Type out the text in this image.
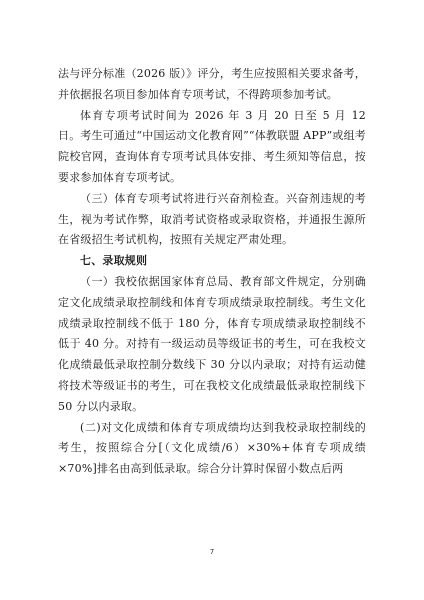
法与评分标准（2026 版）》评分，考生应按照相关要求备考，并依据报名项目参加体育专项考试，不得跨项参加考试。

体育专项考试时间为 2026 年 3 月 20 日至 5 月 12 日。考生可通过“中国运动文化教育网”“体教联盟 APP”或组考院校官网，查询体育专项考试具体安排、考生须知等信息，按要求参加体育专项考试。

（三）体育专项考试将进行兴奋剂检查。兴奋剂违规的考生，视为考试作弊，取消考试资格或录取资格，并通报生源所在省级招生考试机构，按照有关规定严肃处理。

七、录取规则

（一）我校依据国家体育总局、教育部文件规定，分别确定文化成绩录取控制线和体育专项成绩录取控制线。考生文化成绩录取控制线不低于 180 分，体育专项成绩录取控制线不低于 40 分。对持有一级运动员等级证书的考生，可在我校文化成绩最低录取控制分数线下 30 分以内录取；对持有运动健将技术等级证书的考生，可在我校文化成绩最低录取控制线下 50 分以内录取。

(二)对文化成绩和体育专项成绩均达到我校录取控制线的考生，按照综合分[（文化成绩/6）×30%+体育专项成绩×70%]排名由高到低录取。综合分计算时保留小数点后两

7
